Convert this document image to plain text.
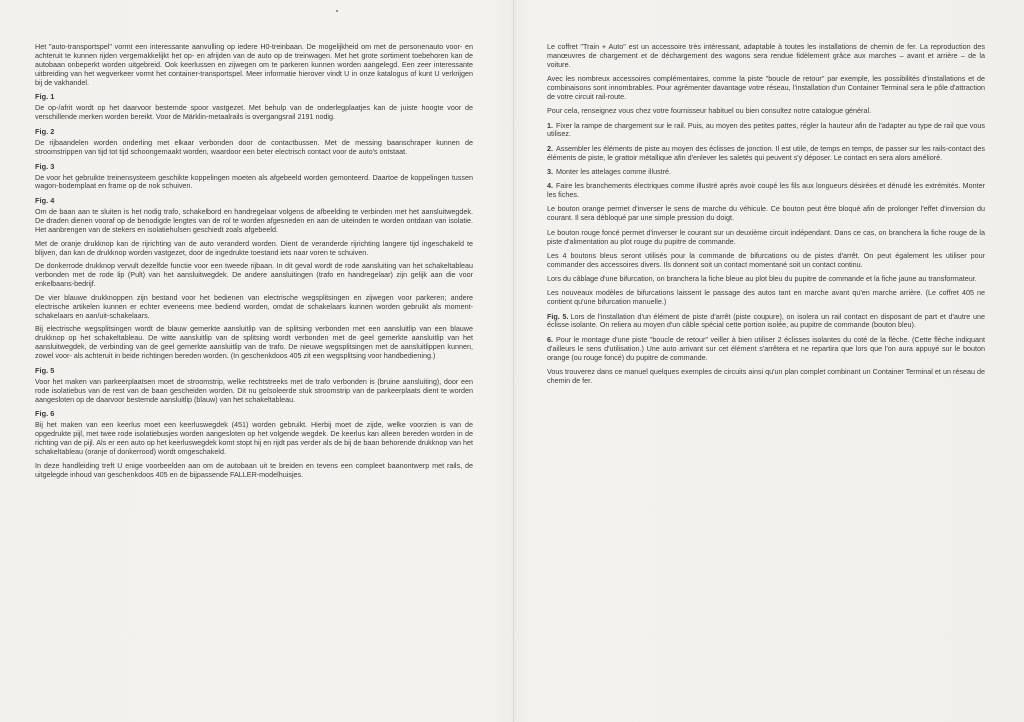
Het "auto-transportspel" vormt een interessante aanvulling op iedere H0-treinbaan. De mogelijkheid om met de personenauto voor- en achteruit te kunnen rijden vergemakkelijkt het op- en afrijden van de auto op de treinwagen. Met het grote sortiment toebehoren kan de autobaan onbeperkt worden uitgebreid. Ook keerlussen en zijwegen om te parkeren kunnen worden aangelegd. Een zeer interessante uitbreiding van het wegverkeer vormt het container-transportspel. Meer informatie hierover vindt U in onze katalogus of kunt U verkrijgen bij de vakhandel.

Fig. 1

De op-/afrit wordt op het daarvoor bestemde spoor vastgezet. Met behulp van de onderlegplaatjes kan de juiste hoogte voor de verschillende merken worden bereikt. Voor de Märklin-metaalrails is overgangsrail 2191 nodig.

Fig. 2

De rijbaandelen worden onderling met elkaar verbonden door de contactbussen. Met de messing baanschraper kunnen de stroomstrippen van tijd tot tijd schoongemaakt worden, waardoor een beter electrisch contact voor de auto's ontstaat.

Fig. 3

De voor het gebruikte treinensysteem geschikte koppelingen moeten als afgebeeld worden gemonteerd. Daartoe de koppelingen tussen wagon-bodemplaat en frame op de nok schuiven.

Fig. 4

Om de baan aan te sluiten is het nodig trafo, schakelbord en handregelaar volgens de afbeelding te verbinden met het aansluitwegdek. De draden dienen vooraf op de benodigde lengtes van de rol te worden afgesneden en aan de uiteinden te worden ontdaan van isolatie. Het aanbrengen van de stekers en isolatiehulsen geschiedt zoals afgebeeld.

Met de oranje drukknop kan de rijrichting van de auto veranderd worden. Dient de veranderde rijrichting langere tijd ingeschakeld te blijven, dan kan de drukknop worden vastgezet, door de ingedrukte toestand iets naar voren te schuiven.

De donkerrode drukknop vervult dezelfde functie voor een tweede rijbaan. In dit geval wordt de rode aansluiting van het schakeltableau verbonden met de rode lip (Pult) van het aansluitwegdek. De andere aansluitingen (trafo en handregelaar) zijn gelijk aan die voor enkelbaans-bedrijf.

De vier blauwe drukknoppen zijn bestand voor het bedienen van electrische wegsplitsingen en zijwegen voor parkeren; andere electrische artikelen kunnen er echter eveneens mee bediend worden, omdat de schakelaars kunnen worden gebruikt als moment-schakelaars en aan/uit-schakelaars.

Bij electrische wegsplitsingen wordt de blauw gemerkte aansluitlip van de splitsing verbonden met een aansluitlip van een blauwe drukknop op het schakeltableau. De witte aansluitlip van de splitsing wordt verbonden met de geel gemerkte aansluitlip van het aansluitwegdek, de verbinding van de geel gemerkte aansluitlip van de trafo. De nieuwe wegsplitsingen met de aansluitlippen kunnen, zowel voor- als achteruit in beide richtingen bereden worden. (In geschenkdoos 405 zit een wegsplitsing voor handbediening.)

Fig. 5

Voor het maken van parkeerplaatsen moet de stroomstrip, welke rechtstreeks met de trafo verbonden is (bruine aansluiting), door een rode isolatiebus van de rest van de baan gescheiden worden. Dit nu geïsoleerde stuk stroomstrip van de parkeerplaats dient te worden aangesloten op de daarvoor bestemde aansluitlip (blauw) van het schakeltableau.

Fig. 6

Bij het maken van een keerlus moet een keerluswegdek (451) worden gebruikt. Hierbij moet de zijde, welke voorzien is van de opgedrukte pijl, met twee rode isolatiebusjes worden aangesloten op het volgende wegdek. De keerlus kan alleen bereden worden in de richting van de pijl. Als er een auto op het keerluswegdek komt stopt hij en rijdt pas verder als de bij de baan behorende drukknop van het schakeltableau (oranje of donkerrood) wordt omgeschakeld.

In deze handleiding treft U enige voorbeelden aan om de autobaan uit te breiden en tevens een compleet baanontwerp met rails, de uitgelegde inhoud van geschenkdoos 405 en de bijpassende FALLER-modelhuisjes.

Le coffret "Train + Auto" est un accessoire très intéressant, adaptable à toutes les installations de chemin de fer. La reproduction des manœuvres de chargement et de déchargement des wagons sera rendue fidèlement grâce aux marches – avant et arrière – de la voiture.

Avec les nombreux accessoires complémentaires, comme la piste "boucle de retour" par exemple, les possibilités d'installations et de combinaisons sont innombrables. Pour agrémenter davantage votre réseau, l'installation d'un Container Terminal sera le pôle d'attraction de votre circuit rail-route.

Pour cela, renseignez vous chez votre fournisseur habituel ou bien consultez notre catalogue général.

1. Fixer la rampe de chargement sur le rail. Puis, au moyen des petites pattes, régler la hauteur afin de l'adapter au type de rail que vous utilisez.

2. Assembler les éléments de piste au moyen des éclisses de jonction. Il est utile, de temps en temps, de passer sur les rails-contact des éléments de piste, le grattoir métallique afin d'enlever les saletés qui peuvent s'y déposer. Le contact en sera alors amélioré.

3. Monter les attelages comme illustré.

4. Faire les branchements électriques comme illustré après avoir coupé les fils aux longueurs désirées et dénudé les extrémités. Monter les fiches.

Le bouton orange permet d'inverser le sens de marche du véhicule. Ce bouton peut être bloqué afin de prolonger l'effet d'inversion du courant. Il sera débloqué par une simple pression du doigt.

Le bouton rouge foncé permet d'inverser le courant sur un deuxième circuit indépendant. Dans ce cas, on branchera la fiche rouge de la piste d'alimentation au plot rouge du pupitre de commande.

Les 4 boutons bleus seront utilisés pour la commande de bifurcations ou de pistes d'arrêt. On peut également les utiliser pour commander des accessoires divers. Ils donnent soit un contact momentané soit un contact continu.

Lors du câblage d'une bifurcation, on branchera la fiche bleue au plot bleu du pupitre de commande et la fiche jaune au transformateur.

Les nouveaux modèles de bifurcations laissent le passage des autos tant en marche avant qu'en marche arrière. (Le coffret 405 ne contient qu'une bifurcation manuelle.)

Fig. 5. Lors de l'installation d'un élément de piste d'arrêt (piste coupure), on isolera un rail contact en disposant de part et d'autre une éclisse isolante. On reliera au moyen d'un câble spécial cette portion isolée, au pupitre de commande (bouton bleu).

6. Pour le montage d'une piste "boucle de retour" veiller à bien utiliser 2 éclisses isolantes du coté de la flèche. (Cette flèche indiquant d'ailleurs le sens d'utilisation.) Une auto arrivant sur cet élément s'arrêtera et ne repartira que lors que l'on aura appuyé sur le bouton orange (ou rouge foncé) du pupitre de commande.

Vous trouverez dans ce manuel quelques exemples de circuits ainsi qu'un plan complet combinant un Container Terminal et un réseau de chemin de fer.
